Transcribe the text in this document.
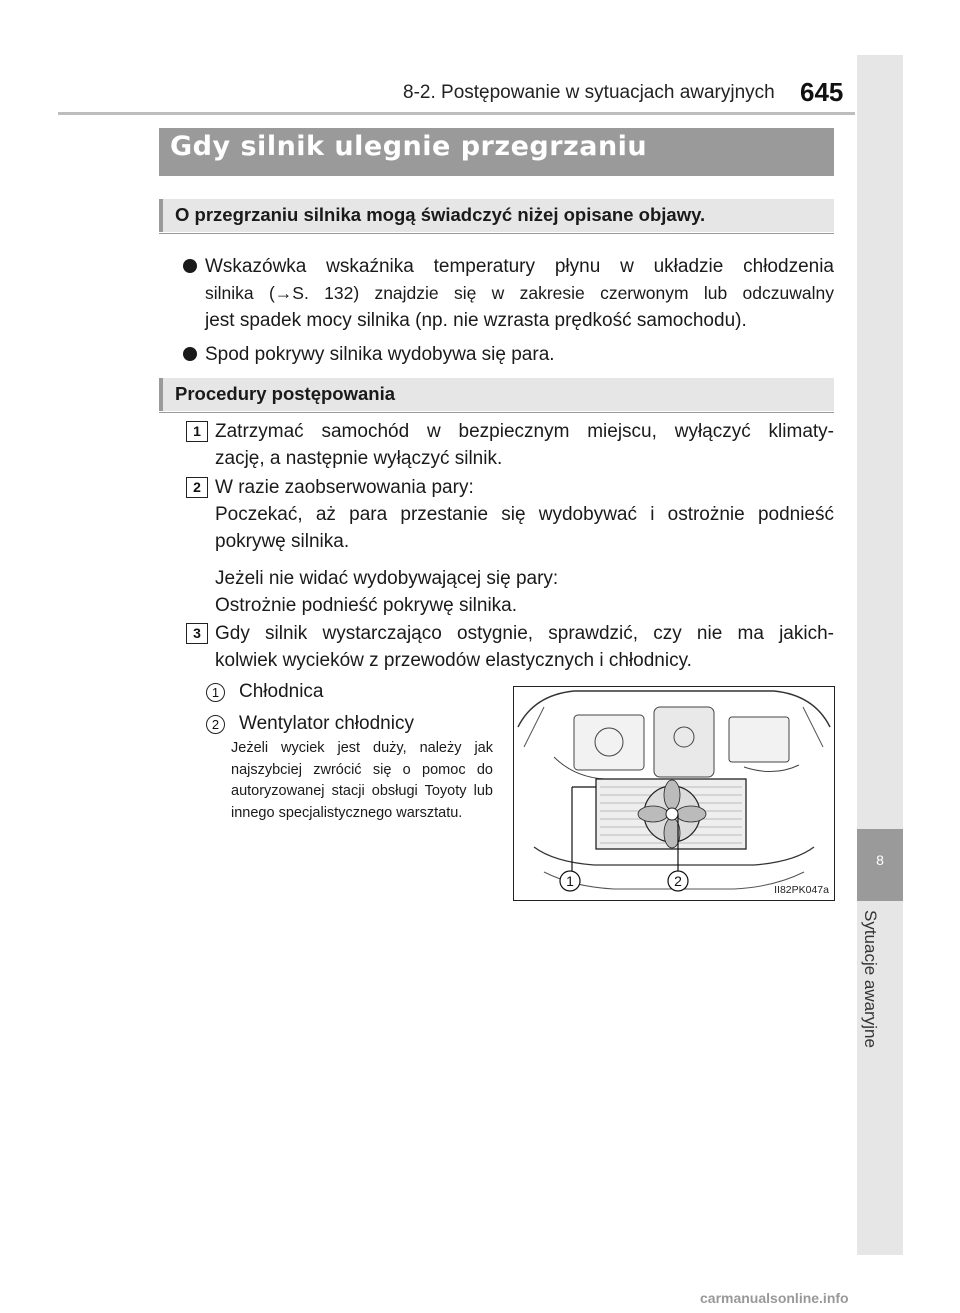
8-2. Postępowanie w sytuacjach awaryjnych 645
8
Sytuacje awaryjne
Gdy silnik ulegnie przegrzaniu
O przegrzaniu silnika mogą świadczyć niżej opisane objawy.
Wskazówka wskaźnika temperatury płynu w układzie chłodzenia
silnika (→S. 132) znajdzie się w zakresie czerwonym lub odczuwalny
jest spadek mocy silnika (np. nie wzrasta prędkość samochodu).
Spod pokrywy silnika wydobywa się para.
Procedury postępowania
1 Zatrzymać samochód w bezpiecznym miejscu, wyłączyć klimaty-
zację, a następnie wyłączyć silnik.
2 W razie zaobserwowania pary:
Poczekać, aż para przestanie się wydobywać i ostrożnie podnieść
pokrywę silnika.
Jeżeli nie widać wydobywającej się pary:
Ostrożnie podnieść pokrywę silnika.
3 Gdy silnik wystarczająco ostygnie, sprawdzić, czy nie ma jakich-
kolwiek wycieków z przewodów elastycznych i chłodnicy.
1	Chłodnica
2	Wentylator chłodnicy
Jeżeli wyciek jest duży, należy jak najszybciej zwrócić się o pomoc do autoryzowanej stacji obsługi Toyoty lub innego specjalistycznego warsztatu.
1	2
II82PK047a
carmanualsonline.info
